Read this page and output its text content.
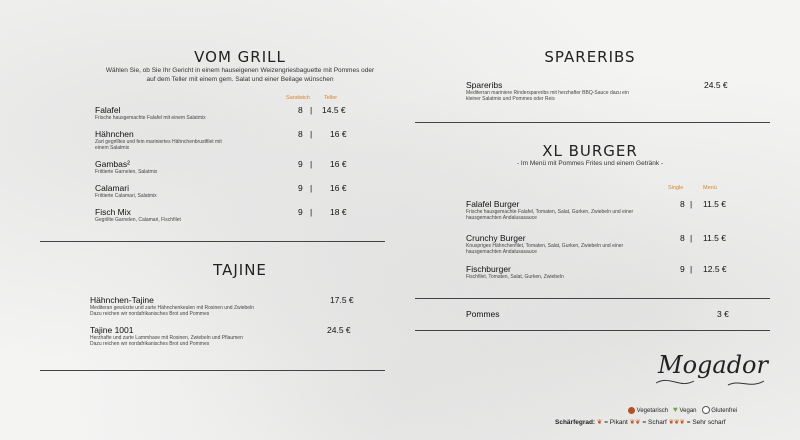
VOM GRILL
Wählen Sie, ob Sie Ihr Gericht in einem hauseigenen Weizengriesbaguette mit Pommes oder
auf dem Teller mit einem gem. Salat und einer Beilage wünschen
Sandwich	Teller
Falafel
Frische hausgemachte Falafel mit einem Salatmix
8 | 14.5 €
Hähnchen
Zart gegrilltes und fein mariniertes Hähnchenbrustfilet mit
einem Salatmix
8 | 16 €
Gambas²
Frittierte Garnelen, Salatmix
9 | 16 €
Calamari
Frittierte Calamari, Salatmix
9 | 16 €
Fisch Mix
Gegrillte Garnelen, Calamari, Fischfilet
9 | 18 €
TAJINE
Hähnchen-Tajine
Mediteran gewürzte und zarte Hähnchenkeulen mit Rosinen und Zwiebeln
Dazu reichen wir nordafrikanisches Brot und Pommes
17.5 €
Tajine 1001
Herzhafte und zarte Lammhaxe mit Rosinen, Zwiebeln und Pflaumen
Dazu reichen wir nordafrikanisches Brot und Pommes
24.5 €
SPARERIBS
Spareribs
Mediterran mariniere Rinderspareribs mit herzhafter BBQ-Sauce dazu ein
kleiner Salatmix und Pommes oder Reis
24.5 €
XL BURGER
- Im Menü mit Pommes Frites und einem Getränk -
Single	Menü
Falafel Burger
Frische hausgemachte Falafel, Tomaten, Salat, Gurken, Zwiebeln und einer
hausgemachten Andalusasauce
8 | 11.5 €
Crunchy Burger
Knuspriges Hähnchenfilet, Tomaten, Salat, Gurken, Zwiebeln und einer
hausgemachten Andalusasauce
8 | 11.5 €
Fischburger
Fischfilet, Tomaten, Salat, Gurken, Zwiebeln
9 | 12.5 €
Pommes	3 €
Mogador
Vegetarisch ♥ Vegan Glutenfrei
Schärfegrad: ❦ = Pikant ❦❦ = Scharf ❦❦❦ = Sehr scharf
